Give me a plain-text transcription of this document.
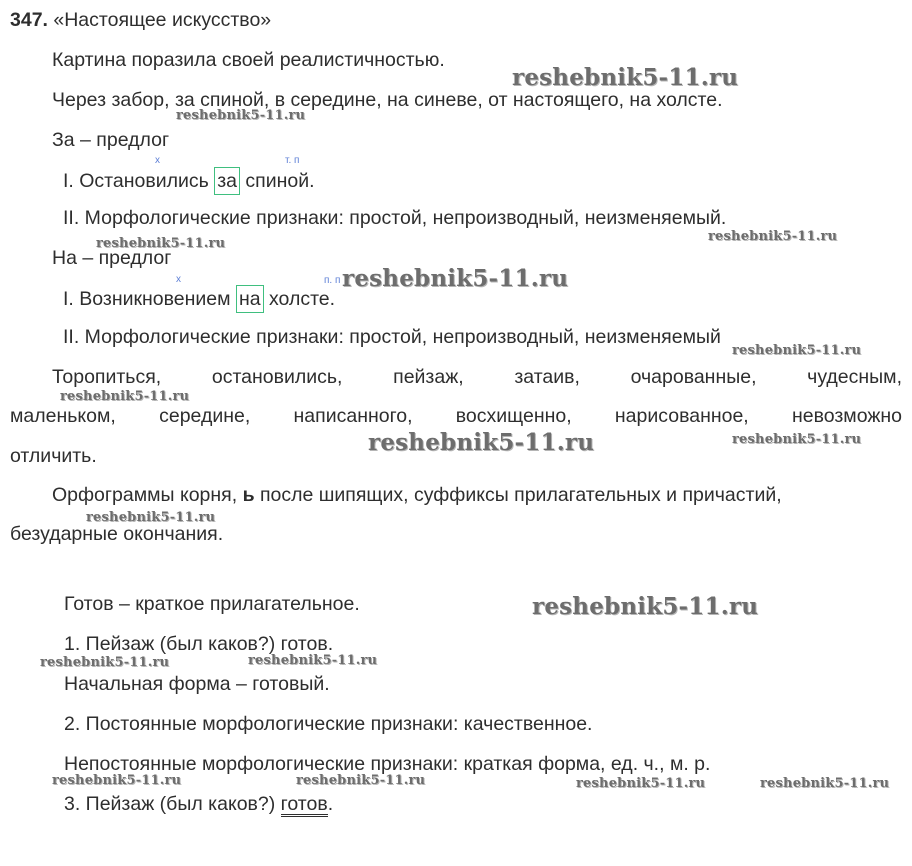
347. «Настоящее искусство»
Картина поразила своей реалистичностью.
Через забор, за спиной, в середине, на синеве, от настоящего, на холсте.
За – предлог
х	т. п
I. Остановились за спиной.
II. Морфологические признаки: простой, непроизводный, неизменяемый.
На – предлог
х	п. п
I. Возникновением на холсте.
II. Морфологические признаки: простой, непроизводный, неизменяемый
Торопиться, остановились, пейзаж, затаив, очарованные, чудесным,
маленьком, середине, написанного, восхищенно, нарисованное, невозможно
отличить.
Орфограммы корня, ь после шипящих, суффиксы прилагательных и причастий,
безударные окончания.
Готов – краткое прилагательное.
1. Пейзаж (был каков?) готов.
Начальная форма – готовый.
2. Постоянные морфологические признаки: качественное.
Непостоянные морфологические признаки: краткая форма, ед. ч., м. р.
3. Пейзаж (был каков?) готов.
reshebnik5-11.ru
reshebnik5-11.ru
reshebnik5-11.ru	reshebnik5-11.ru
reshebnik5-11.ru
reshebnik5-11.ru
reshebnik5-11.ru
reshebnik5-11.ru	reshebnik5-11.ru
reshebnik5-11.ru
reshebnik5-11.ru
reshebnik5-11.ru	reshebnik5-11.ru
reshebnik5-11.ru	reshebnik5-11.ru	reshebnik5-11.ru	reshebnik5-11.ru
